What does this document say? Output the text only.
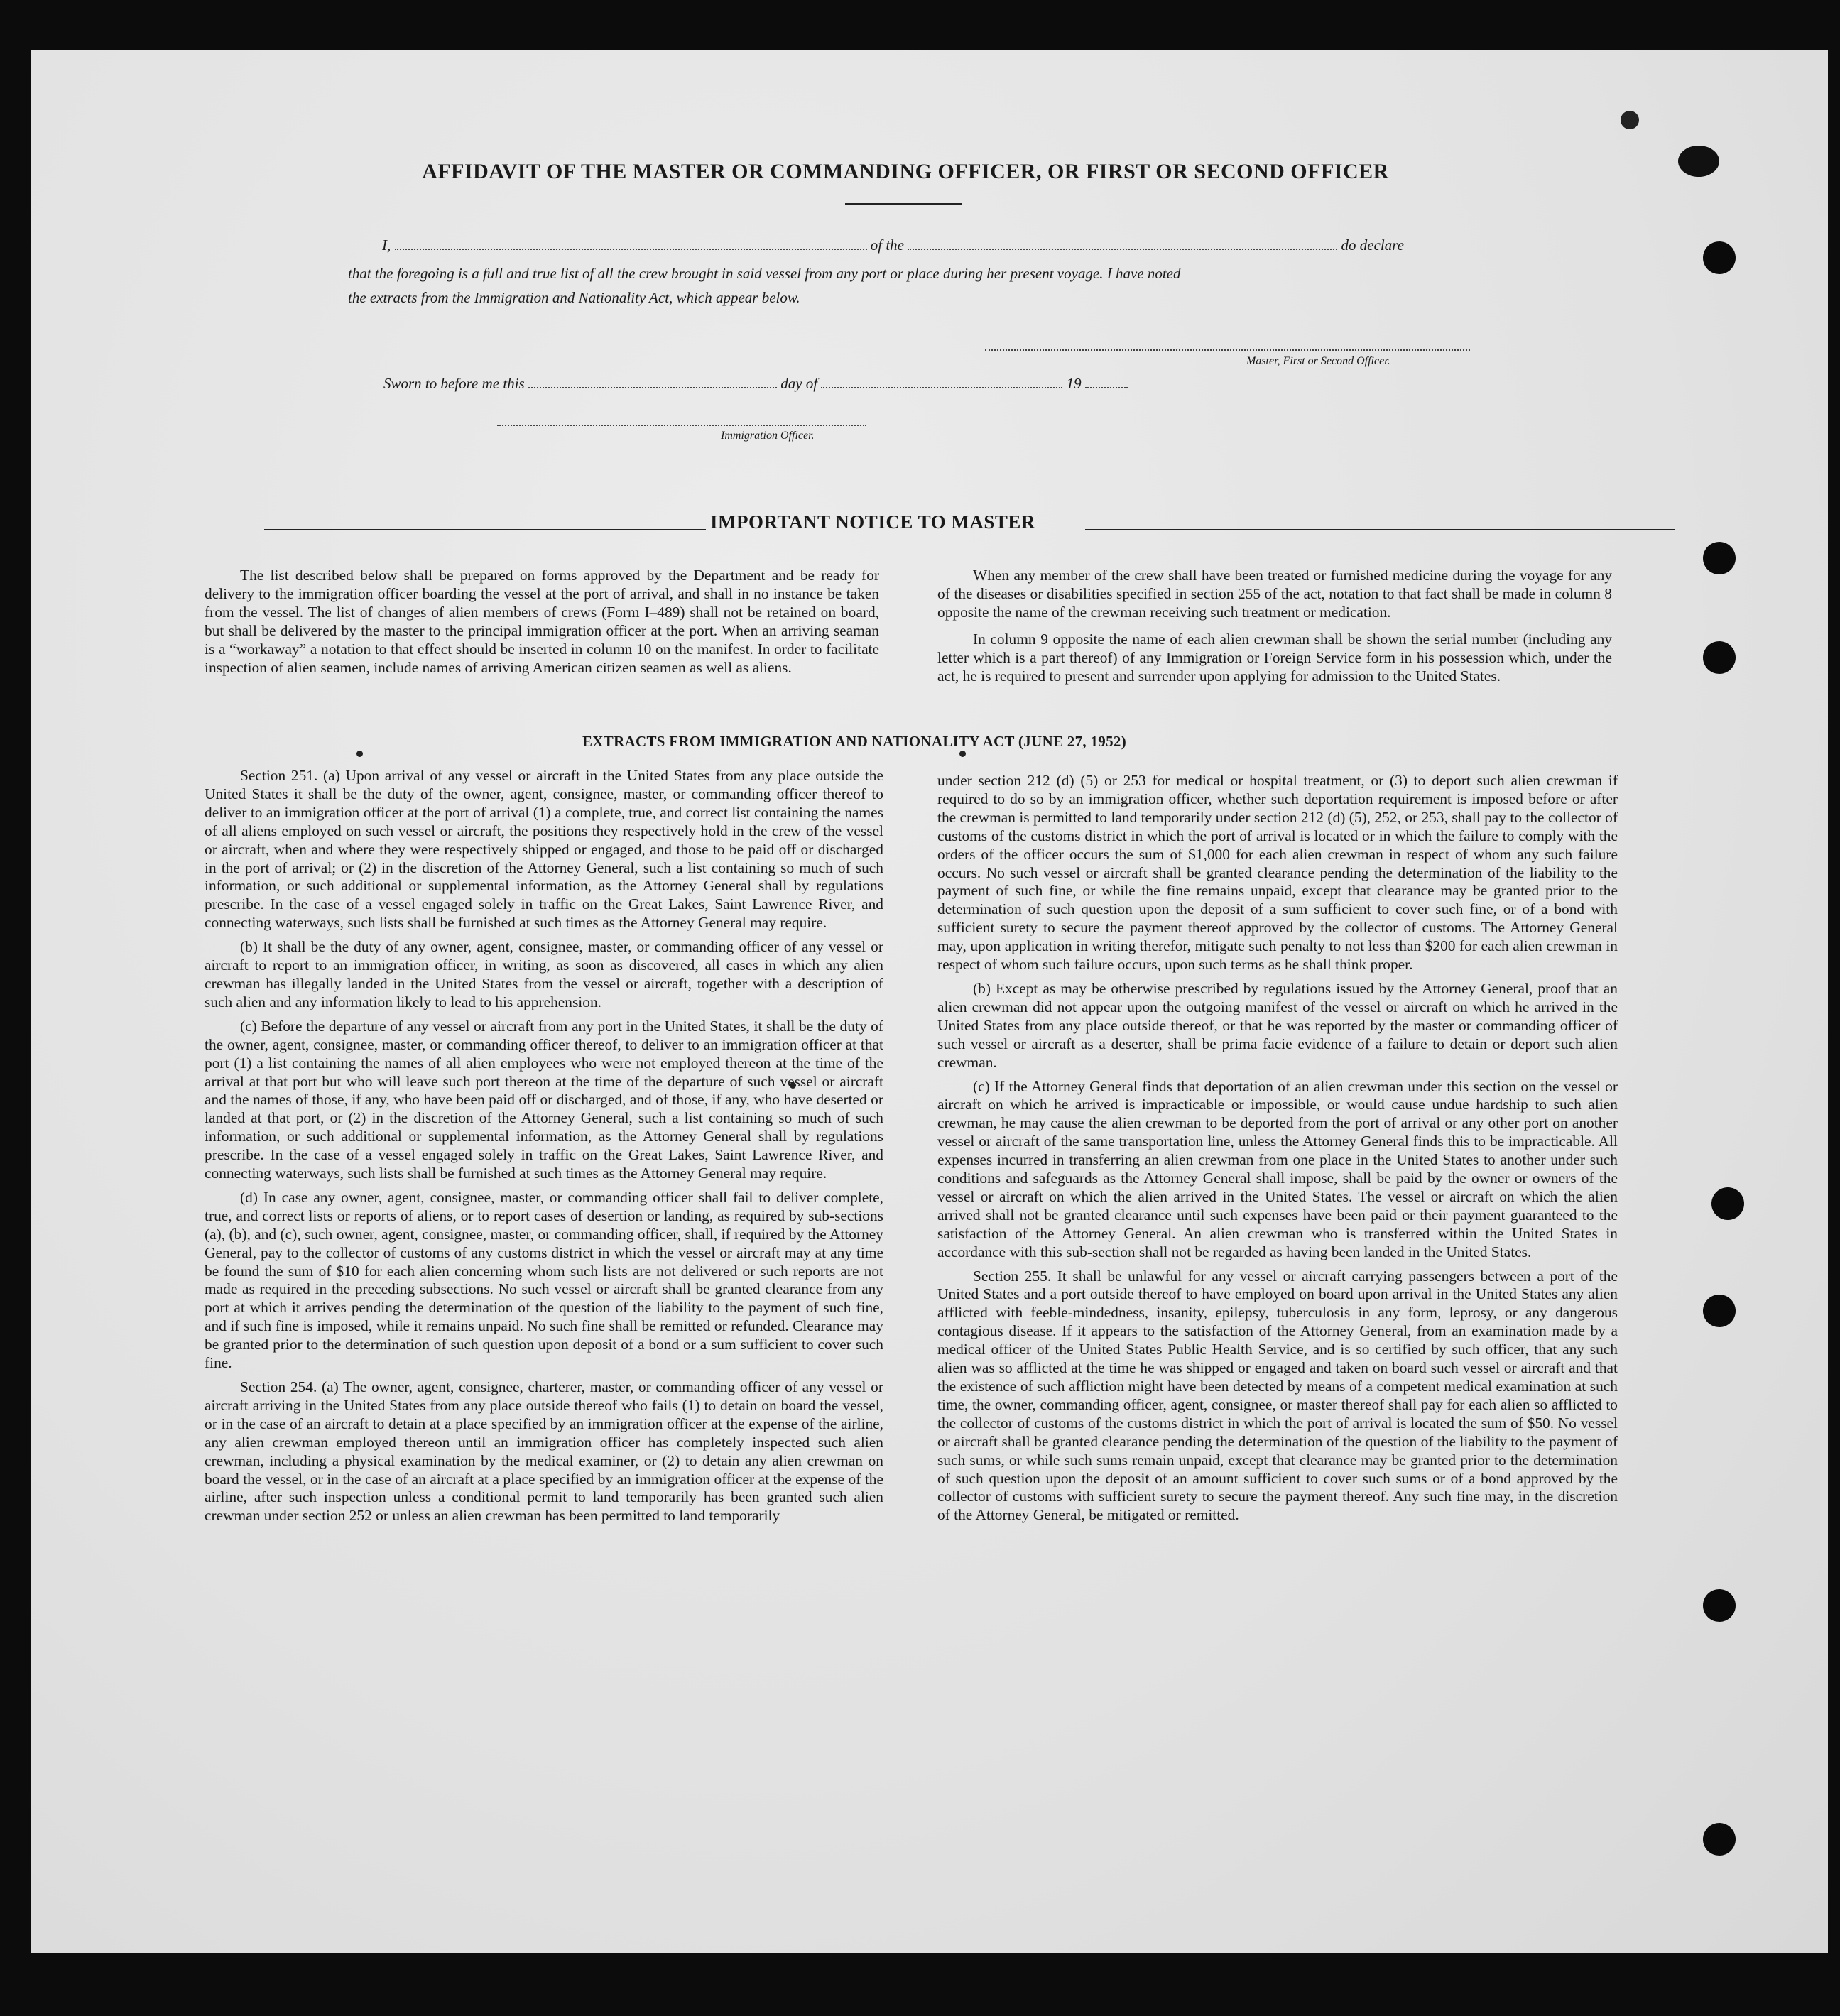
AFFIDAVIT OF THE MASTER OR COMMANDING OFFICER, OR FIRST OR SECOND OFFICER
I,	of the	do declare
that the foregoing is a full and true list of all the crew brought in said vessel from any port or place during her present voyage. I have noted
the extracts from the Immigration and Nationality Act, which appear below.
Master, First or Second Officer.
Sworn to before me this	day of	19
Immigration Officer.
IMPORTANT NOTICE TO MASTER

The list described below shall be prepared on forms approved by the Department and be ready for delivery to the immigration officer boarding the vessel at the port of arrival, and shall in no instance be taken from the vessel. The list of changes of alien members of crews (Form I–489) shall not be retained on board, but shall be delivered by the master to the principal immigration officer at the port. When an arriving seaman is a “workaway” a notation to that effect should be inserted in column 10 on the manifest. In order to facilitate inspection of alien seamen, include names of arriving American citizen seamen as well as aliens.

When any member of the crew shall have been treated or furnished medicine during the voyage for any of the diseases or disabilities specified in section 255 of the act, notation to that fact shall be made in column 8 opposite the name of the crewman receiving such treatment or medication.

In column 9 opposite the name of each alien crewman shall be shown the serial number (including any letter which is a part thereof) of any Immigration or Foreign Service form in his possession which, under the act, he is required to present and surrender upon applying for admission to the United States.

EXTRACTS FROM IMMIGRATION AND NATIONALITY ACT (JUNE 27, 1952)

Section 251. (a) Upon arrival of any vessel or aircraft in the United States from any place outside the United States it shall be the duty of the owner, agent, consignee, master, or commanding officer thereof to deliver to an immigration officer at the port of arrival (1) a complete, true, and correct list containing the names of all aliens employed on such vessel or aircraft, the positions they respectively hold in the crew of the vessel or aircraft, when and where they were respectively shipped or engaged, and those to be paid off or discharged in the port of arrival; or (2) in the discretion of the Attorney General, such a list containing so much of such information, or such additional or supplemental information, as the Attorney General shall by regulations prescribe. In the case of a vessel engaged solely in traffic on the Great Lakes, Saint Lawrence River, and connecting waterways, such lists shall be furnished at such times as the Attorney General may require.

(b) It shall be the duty of any owner, agent, consignee, master, or commanding officer of any vessel or aircraft to report to an immigration officer, in writing, as soon as discovered, all cases in which any alien crewman has illegally landed in the United States from the vessel or aircraft, together with a description of such alien and any information likely to lead to his apprehension.

(c) Before the departure of any vessel or aircraft from any port in the United States, it shall be the duty of the owner, agent, consignee, master, or commanding officer thereof, to deliver to an immigration officer at that port (1) a list containing the names of all alien employees who were not employed thereon at the time of the arrival at that port but who will leave such port thereon at the time of the departure of such vessel or aircraft and the names of those, if any, who have been paid off or discharged, and of those, if any, who have deserted or landed at that port, or (2) in the discretion of the Attorney General, such a list containing so much of such information, or such additional or supplemental information, as the Attorney General shall by regulations prescribe. In the case of a vessel engaged solely in traffic on the Great Lakes, Saint Lawrence River, and connecting waterways, such lists shall be furnished at such times as the Attorney General may require.

(d) In case any owner, agent, consignee, master, or commanding officer shall fail to deliver complete, true, and correct lists or reports of aliens, or to report cases of desertion or landing, as required by sub-sections (a), (b), and (c), such owner, agent, consignee, master, or commanding officer, shall, if required by the Attorney General, pay to the collector of customs of any customs district in which the vessel or aircraft may at any time be found the sum of $10 for each alien concerning whom such lists are not delivered or such reports are not made as required in the preceding subsections. No such vessel or aircraft shall be granted clearance from any port at which it arrives pending the determination of the question of the liability to the payment of such fine, and if such fine is imposed, while it remains unpaid. No such fine shall be remitted or refunded. Clearance may be granted prior to the determination of such question upon deposit of a bond or a sum sufficient to cover such fine.

Section 254. (a) The owner, agent, consignee, charterer, master, or commanding officer of any vessel or aircraft arriving in the United States from any place outside thereof who fails (1) to detain on board the vessel, or in the case of an aircraft to detain at a place specified by an immigration officer at the expense of the airline, any alien crewman employed thereon until an immigration officer has completely inspected such alien crewman, including a physical examination by the medical examiner, or (2) to detain any alien crewman on board the vessel, or in the case of an aircraft at a place specified by an immigration officer at the expense of the airline, after such inspection unless a conditional permit to land temporarily has been granted such alien crewman under section 252 or unless an alien crewman has been permitted to land temporarily

under section 212 (d) (5) or 253 for medical or hospital treatment, or (3) to deport such alien crewman if required to do so by an immigration officer, whether such deportation requirement is imposed before or after the crewman is permitted to land temporarily under section 212 (d) (5), 252, or 253, shall pay to the collector of customs of the customs district in which the port of arrival is located or in which the failure to comply with the orders of the officer occurs the sum of $1,000 for each alien crewman in respect of whom any such failure occurs. No such vessel or aircraft shall be granted clearance pending the determination of the liability to the payment of such fine, or while the fine remains unpaid, except that clearance may be granted prior to the determination of such question upon the deposit of a sum sufficient to cover such fine, or of a bond with sufficient surety to secure the payment thereof approved by the collector of customs. The Attorney General may, upon application in writing therefor, mitigate such penalty to not less than $200 for each alien crewman in respect of whom such failure occurs, upon such terms as he shall think proper.

(b) Except as may be otherwise prescribed by regulations issued by the Attorney General, proof that an alien crewman did not appear upon the outgoing manifest of the vessel or aircraft on which he arrived in the United States from any place outside thereof, or that he was reported by the master or commanding officer of such vessel or aircraft as a deserter, shall be prima facie evidence of a failure to detain or deport such alien crewman.

(c) If the Attorney General finds that deportation of an alien crewman under this section on the vessel or aircraft on which he arrived is impracticable or impossible, or would cause undue hardship to such alien crewman, he may cause the alien crewman to be deported from the port of arrival or any other port on another vessel or aircraft of the same transportation line, unless the Attorney General finds this to be impracticable. All expenses incurred in transferring an alien crewman from one place in the United States to another under such conditions and safeguards as the Attorney General shall impose, shall be paid by the owner or owners of the vessel or aircraft on which the alien arrived in the United States. The vessel or aircraft on which the alien arrived shall not be granted clearance until such expenses have been paid or their payment guaranteed to the satisfaction of the Attorney General. An alien crewman who is transferred within the United States in accordance with this sub-section shall not be regarded as having been landed in the United States.

Section 255. It shall be unlawful for any vessel or aircraft carrying passengers between a port of the United States and a port outside thereof to have employed on board upon arrival in the United States any alien afflicted with feeble-mindedness, insanity, epilepsy, tuberculosis in any form, leprosy, or any dangerous contagious disease. If it appears to the satisfaction of the Attorney General, from an examination made by a medical officer of the United States Public Health Service, and is so certified by such officer, that any such alien was so afflicted at the time he was shipped or engaged and taken on board such vessel or aircraft and that the existence of such affliction might have been detected by means of a competent medical examination at such time, the owner, commanding officer, agent, consignee, or master thereof shall pay for each alien so afflicted to the collector of customs of the customs district in which the port of arrival is located the sum of $50. No vessel or aircraft shall be granted clearance pending the determination of the question of the liability to the payment of such sums, or while such sums remain unpaid, except that clearance may be granted prior to the determination of such question upon the deposit of an amount sufficient to cover such sums or of a bond approved by the collector of customs with sufficient surety to secure the payment thereof. Any such fine may, in the discretion of the Attorney General, be mitigated or remitted.
